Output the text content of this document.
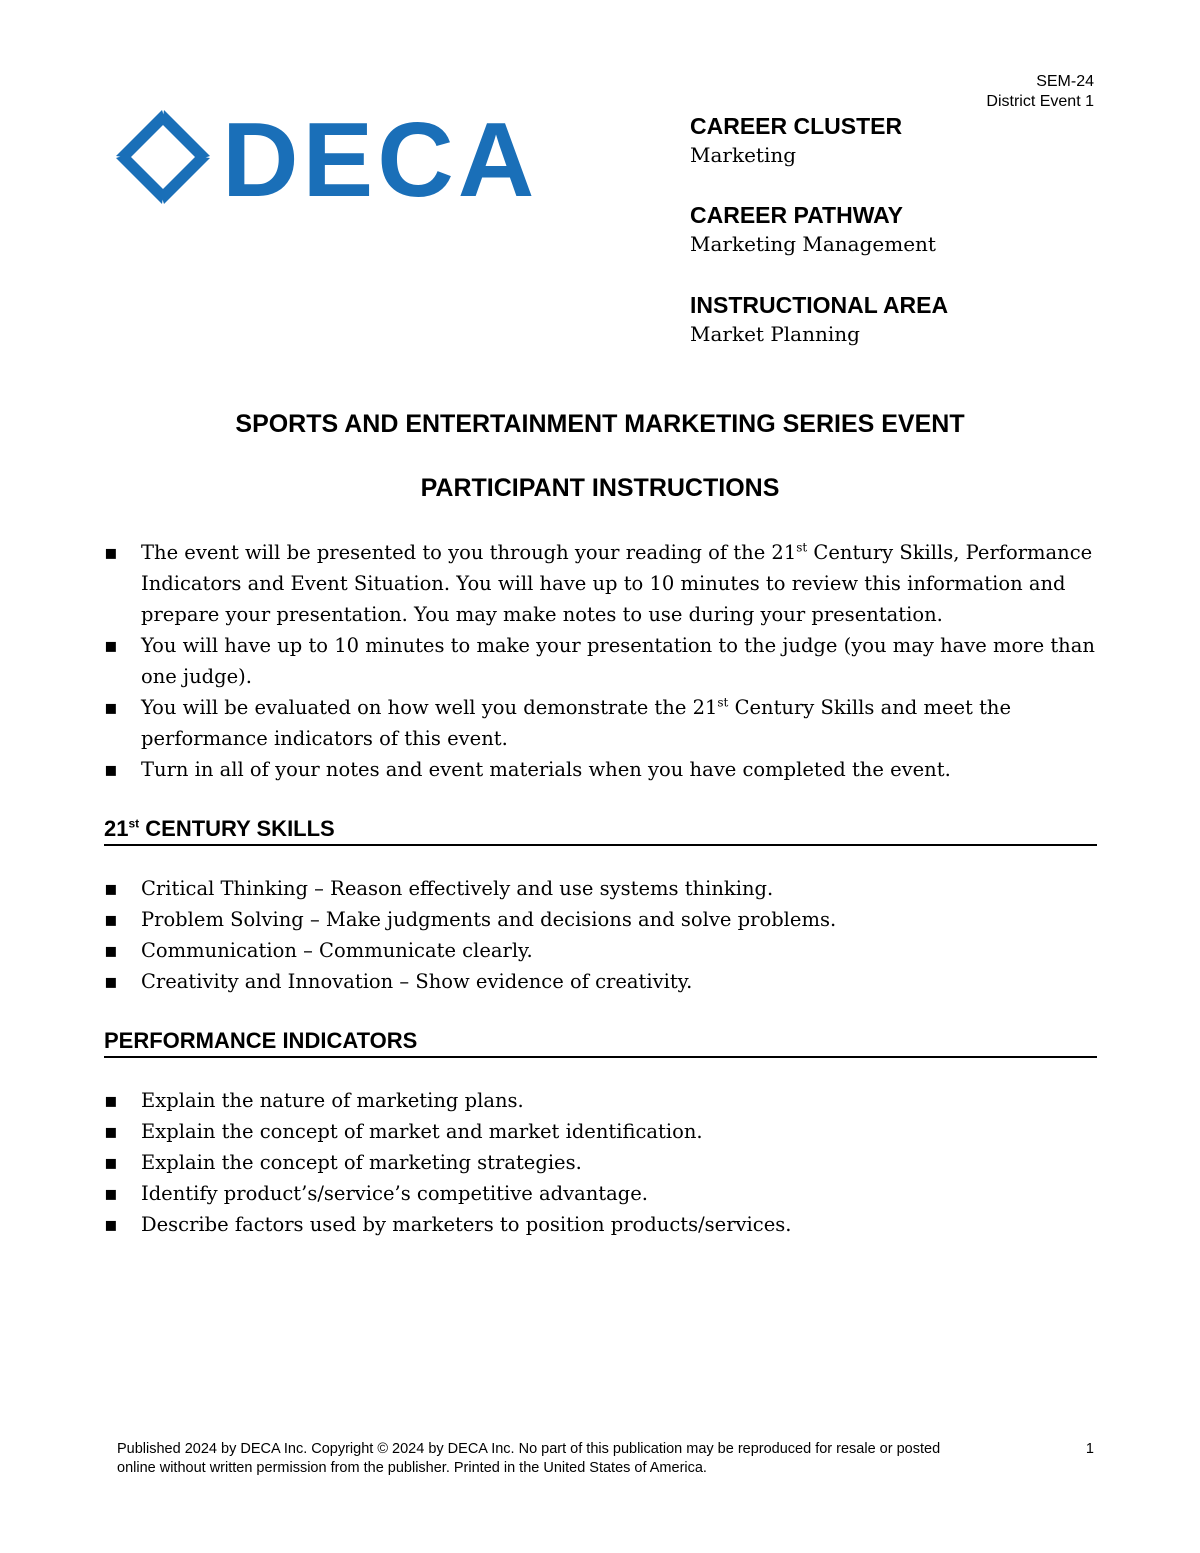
SEM-24
District Event 1
DECA	CAREER CLUSTER
Marketing
CAREER PATHWAY
Marketing Management
INSTRUCTIONAL AREA
Market Planning
SPORTS AND ENTERTAINMENT MARKETING SERIES EVENT
PARTICIPANT INSTRUCTIONS
▪ The event will be presented to you through your reading of the 21st Century Skills, Performance Indicators and Event Situation. You will have up to 10 minutes to review this information and prepare your presentation. You may make notes to use during your presentation.
▪ You will have up to 10 minutes to make your presentation to the judge (you may have more than one judge).
▪ You will be evaluated on how well you demonstrate the 21st Century Skills and meet the performance indicators of this event.
▪ Turn in all of your notes and event materials when you have completed the event.
21st CENTURY SKILLS
▪ Critical Thinking – Reason effectively and use systems thinking.
▪ Problem Solving – Make judgments and decisions and solve problems.
▪ Communication – Communicate clearly.
▪ Creativity and Innovation – Show evidence of creativity.
PERFORMANCE INDICATORS
▪ Explain the nature of marketing plans.
▪ Explain the concept of market and market identification.
▪ Explain the concept of marketing strategies.
▪ Identify product’s/service’s competitive advantage.
▪ Describe factors used by marketers to position products/services.
Published 2024 by DECA Inc. Copyright © 2024 by DECA Inc. No part of this publication may be reproduced for resale or posted
online without written permission from the publisher. Printed in the United States of America.
1
